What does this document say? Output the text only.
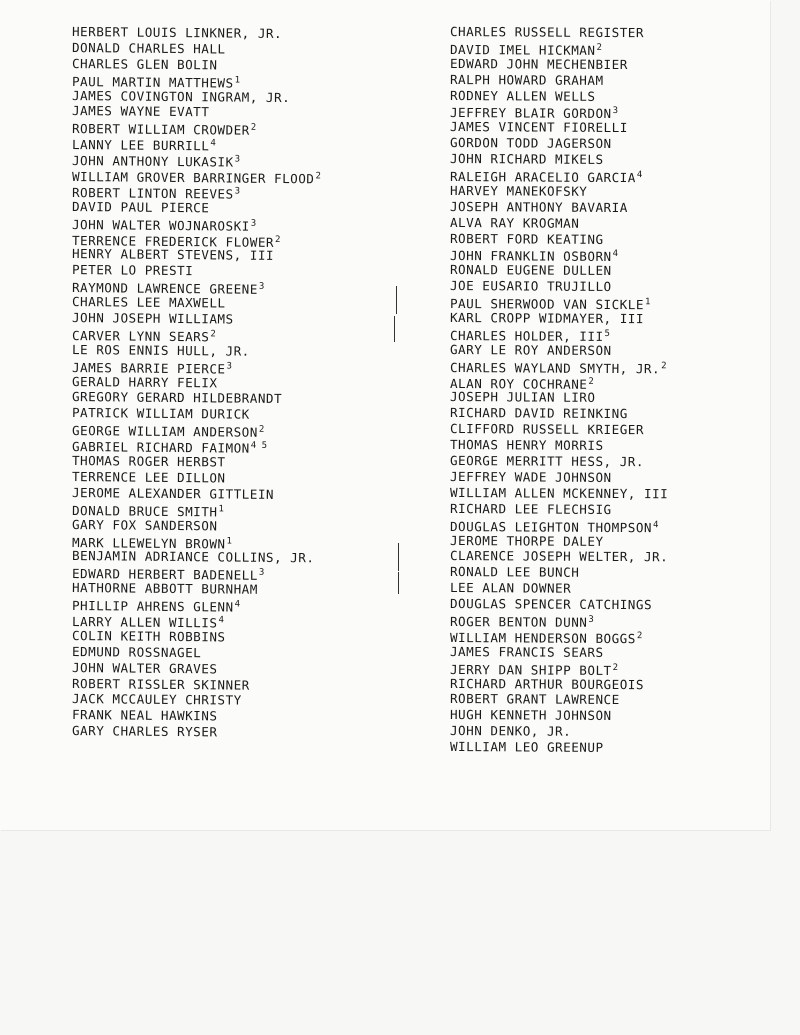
HERBERT LOUIS LINKNER, JR.
DONALD CHARLES HALL
CHARLES GLEN BOLIN
PAUL MARTIN MATTHEWS$^1$
JAMES COVINGTON INGRAM, JR.
JAMES WAYNE EVATT
ROBERT WILLIAM CROWDER$^2$
LANNY LEE BURRILL$^4$
JOHN ANTHONY LUKASIK$^3$
WILLIAM GROVER BARRINGER FLOOD$^2$
ROBERT LINTON REEVES$^3$
DAVID PAUL PIERCE
JOHN WALTER WOJNAROSKI$^3$
TERRENCE FREDERICK FLOWER$^2$
HENRY ALBERT STEVENS, III
PETER LO PRESTI
RAYMOND LAWRENCE GREENE$^3$
CHARLES LEE MAXWELL
JOHN JOSEPH WILLIAMS
CARVER LYNN SEARS$^2$
LE ROS ENNIS HULL, JR.
JAMES BARRIE PIERCE$^3$
GERALD HARRY FELIX
GREGORY GERARD HILDEBRANDT
PATRICK WILLIAM DURICK
GEORGE WILLIAM ANDERSON$^2$
GABRIEL RICHARD FAIMON$^{4 5}$
THOMAS ROGER HERBST
TERRENCE LEE DILLON
JEROME ALEXANDER GITTLEIN
DONALD BRUCE SMITH$^1$
GARY FOX SANDERSON
MARK LLEWELYN BROWN$^1$
BENJAMIN ADRIANCE COLLINS, JR.
EDWARD HERBERT BADENELL$^3$
HATHORNE ABBOTT BURNHAM
PHILLIP AHRENS GLENN$^4$
LARRY ALLEN WILLIS$^4$
COLIN KEITH ROBBINS
EDMUND ROSSNAGEL
JOHN WALTER GRAVES
ROBERT RISSLER SKINNER
JACK MCCAULEY CHRISTY
FRANK NEAL HAWKINS
GARY CHARLES RYSER
CHARLES RUSSELL REGISTER
DAVID IMEL HICKMAN$^2$
EDWARD JOHN MECHENBIER
RALPH HOWARD GRAHAM
RODNEY ALLEN WELLS
JEFFREY BLAIR GORDON$^3$
JAMES VINCENT FIORELLI
GORDON TODD JAGERSON
JOHN RICHARD MIKELS
RALEIGH ARACELIO GARCIA$^4$
HARVEY MANEKOFSKY
JOSEPH ANTHONY BAVARIA
ALVA RAY KROGMAN
ROBERT FORD KEATING
JOHN FRANKLIN OSBORN$^4$
RONALD EUGENE DULLEN
JOE EUSARIO TRUJILLO
PAUL SHERWOOD VAN SICKLE$^1$
KARL CROPP WIDMAYER, III
CHARLES HOLDER, III$^5$
GARY LE ROY ANDERSON
CHARLES WAYLAND SMYTH, JR.$^2$
ALAN ROY COCHRANE$^2$
JOSEPH JULIAN LIRO
RICHARD DAVID REINKING
CLIFFORD RUSSELL KRIEGER
THOMAS HENRY MORRIS
GEORGE MERRITT HESS, JR.
JEFFREY WADE JOHNSON
WILLIAM ALLEN MCKENNEY, III
RICHARD LEE FLECHSIG
DOUGLAS LEIGHTON THOMPSON$^4$
JEROME THORPE DALEY
CLARENCE JOSEPH WELTER, JR.
RONALD LEE BUNCH
LEE ALAN DOWNER
DOUGLAS SPENCER CATCHINGS
ROGER BENTON DUNN$^3$
WILLIAM HENDERSON BOGGS$^2$
JAMES FRANCIS SEARS
JERRY DAN SHIPP BOLT$^2$
RICHARD ARTHUR BOURGEOIS
ROBERT GRANT LAWRENCE
HUGH KENNETH JOHNSON
JOHN DENKO, JR.
WILLIAM LEO GREENUP
